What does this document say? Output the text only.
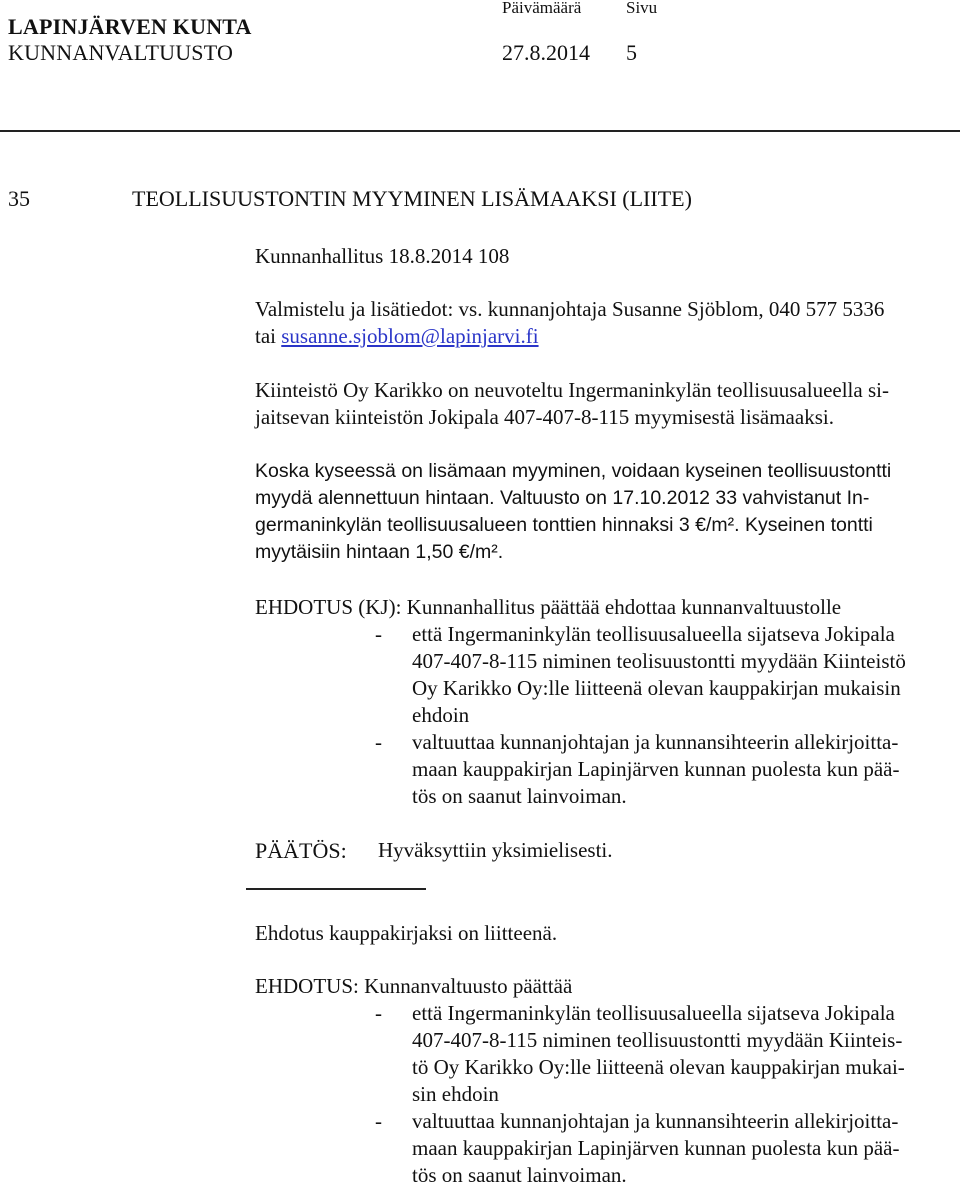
LAPINJÄRVEN KUNTA
KUNNANVALTUUSTO
Päivämäärä	Sivu
27.8.2014 5
35	TEOLLISUUSTONTIN MYYMINEN LISÄMAAKSI (LIITE)
Kunnanhallitus 18.8.2014 108
Valmistelu ja lisätiedot: vs. kunnanjohtaja Susanne Sjöblom, 040 577 5336
tai susanne.sjoblom@lapinjarvi.fi
Kiinteistö Oy Karikko on neuvoteltu Ingermaninkylän teollisuusalueella si-
jaitsevan kiinteistön Jokipala 407-407-8-115 myymisestä lisämaaksi.
Koska kyseessä on lisämaan myyminen, voidaan kyseinen teollisuustontti
myydä alennettuun hintaan. Valtuusto on 17.10.2012 33 vahvistanut In-
germaninkylän teollisuusalueen tonttien hinnaksi 3 €/m². Kyseinen tontti
myytäisiin hintaan 1,50 €/m².
EHDOTUS (KJ): Kunnanhallitus päättää ehdottaa kunnanvaltuustolle
- että Ingermaninkylän teollisuusalueella sijatseva Jokipala
407-407-8-115 niminen teolisuustontti myydään Kiinteistö
Oy Karikko Oy:lle liitteenä olevan kauppakirjan mukaisin
ehdoin
- valtuuttaa kunnanjohtajan ja kunnansihteerin allekirjoitta-
maan kauppakirjan Lapinjärven kunnan puolesta kun pää-
tös on saanut lainvoiman.
PÄÄTÖS: Hyväksyttiin yksimielisesti.
Ehdotus kauppakirjaksi on liitteenä.
EHDOTUS: Kunnanvaltuusto päättää
- että Ingermaninkylän teollisuusalueella sijatseva Jokipala
407-407-8-115 niminen teollisuustontti myydään Kiinteis-
tö Oy Karikko Oy:lle liitteenä olevan kauppakirjan mukai-
sin ehdoin
- valtuuttaa kunnanjohtajan ja kunnansihteerin allekirjoitta-
maan kauppakirjan Lapinjärven kunnan puolesta kun pää-
tös on saanut lainvoiman.
